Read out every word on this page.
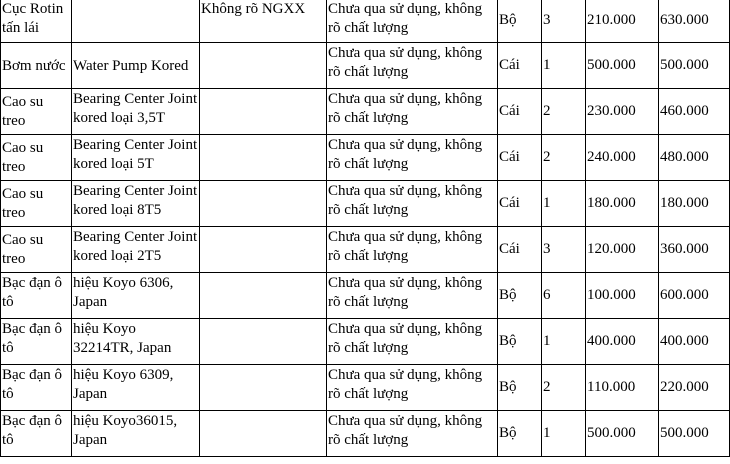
Cục Rotin tấn lái		Không rõ NGXX	Chưa qua sử dụng, không rõ chất lượng	Bộ	3	210.000	630.000
Bơm nước	Water Pump Kored		Chưa qua sử dụng, không rõ chất lượng	Cái	1	500.000	500.000
Cao su treo	Bearing Center Joint kored loại 3,5T		Chưa qua sử dụng, không rõ chất lượng	Cái	2	230.000	460.000
Cao su treo	Bearing Center Joint kored loại 5T		Chưa qua sử dụng, không rõ chất lượng	Cái	2	240.000	480.000
Cao su treo	Bearing Center Joint kored loại 8T5		Chưa qua sử dụng, không rõ chất lượng	Cái	1	180.000	180.000
Cao su treo	Bearing Center Joint kored loại 2T5		Chưa qua sử dụng, không rõ chất lượng	Cái	3	120.000	360.000
Bạc đạn ô tô	hiệu Koyo 6306, Japan		Chưa qua sử dụng, không rõ chất lượng	Bộ	6	100.000	600.000
Bạc đạn ô tô	hiệu Koyo 32214TR, Japan		Chưa qua sử dụng, không rõ chất lượng	Bộ	1	400.000	400.000
Bạc đạn ô tô	hiệu Koyo 6309, Japan		Chưa qua sử dụng, không rõ chất lượng	Bộ	2	110.000	220.000
Bạc đạn ô tô	hiệu Koyo36015, Japan		Chưa qua sử dụng, không rõ chất lượng	Bộ	1	500.000	500.000
